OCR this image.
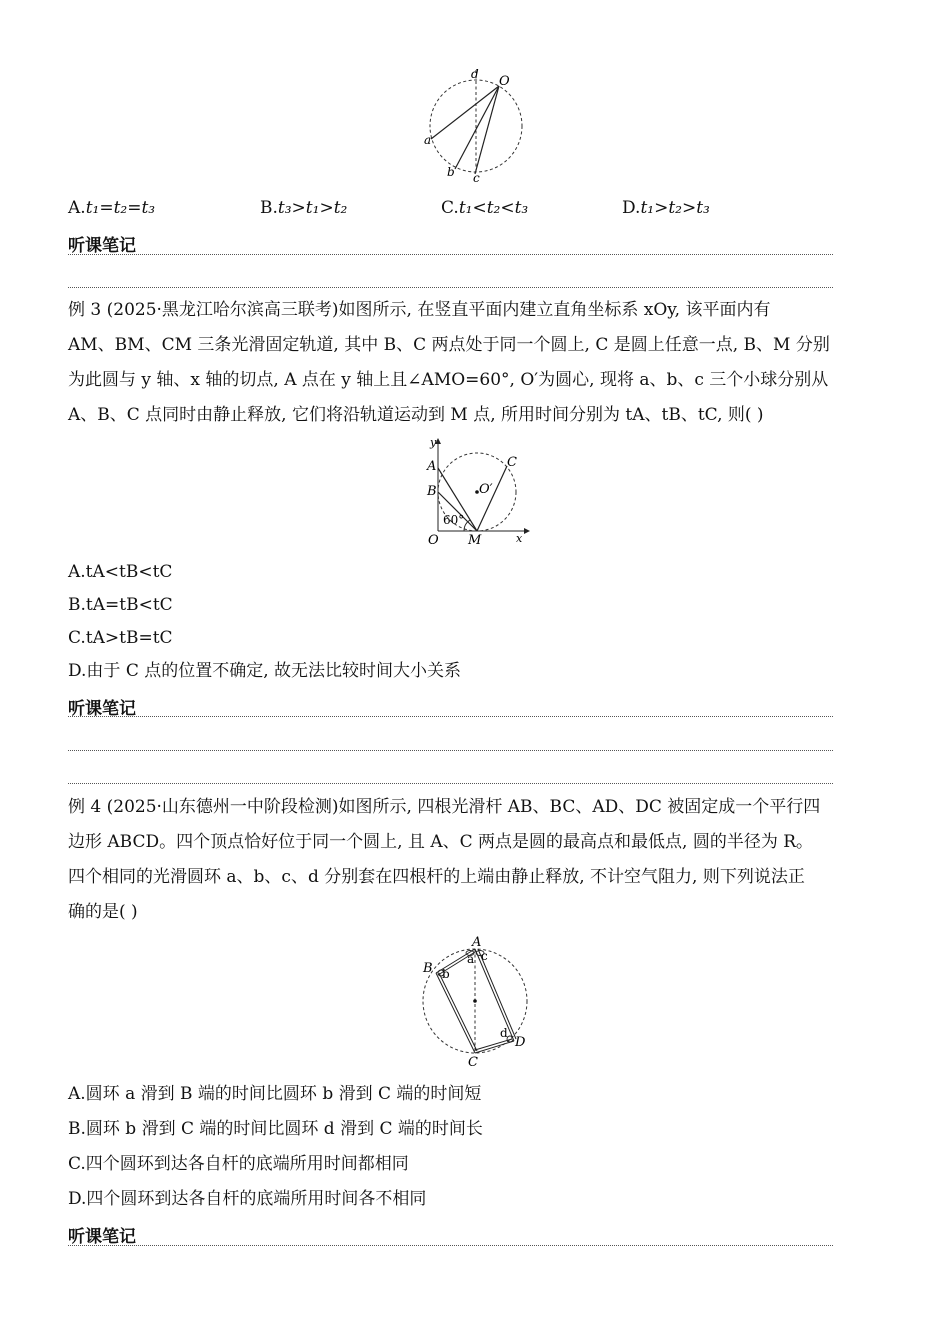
d O
a
b c
A.t₁=t₂=t₃	B.t₃>t₁>t₂	C.t₁<t₂<t₃	D.t₁>t₂>t₃
听课笔记
例 3 (2025·黑龙江哈尔滨高三联考)如图所示, 在竖直平面内建立直角坐标系 xOy, 该平面内有
AM、BM、CM 三条光滑固定轨道, 其中 B、C 两点处于同一个圆上, C 是圆上任意一点, B、M 分别
为此圆与 y 轴、x 轴的切点, A 点在 y 轴上且∠AMO=60°, O′为圆心, 现将 a、b、c 三个小球分别从
A、B、C 点同时由静止释放, 它们将沿轨道运动到 M 点, 所用时间分别为 tA、tB、tC, 则( )
y
A
B
C
O′
60°
O M	x
A.tA<tB<tC
B.tA=tB<tC
C.tA>tB=tC
D.由于 C 点的位置不确定, 故无法比较时间大小关系
听课笔记
例 4 (2025·山东德州一中阶段检测)如图所示, 四根光滑杆 AB、BC、AD、DC 被固定成一个平行四
边形 ABCD。四个顶点恰好位于同一个圆上, 且 A、C 两点是圆的最高点和最低点, 圆的半径为 R。
四个相同的光滑圆环 a、b、c、d 分别套在四根杆的上端由静止释放, 不计空气阻力, 则下列说法正
确的是( )
A
B
C
D
a
b
c
d
A.圆环 a 滑到 B 端的时间比圆环 b 滑到 C 端的时间短
B.圆环 b 滑到 C 端的时间比圆环 d 滑到 C 端的时间长
C.四个圆环到达各自杆的底端所用时间都相同
D.四个圆环到达各自杆的底端所用时间各不相同
听课笔记
